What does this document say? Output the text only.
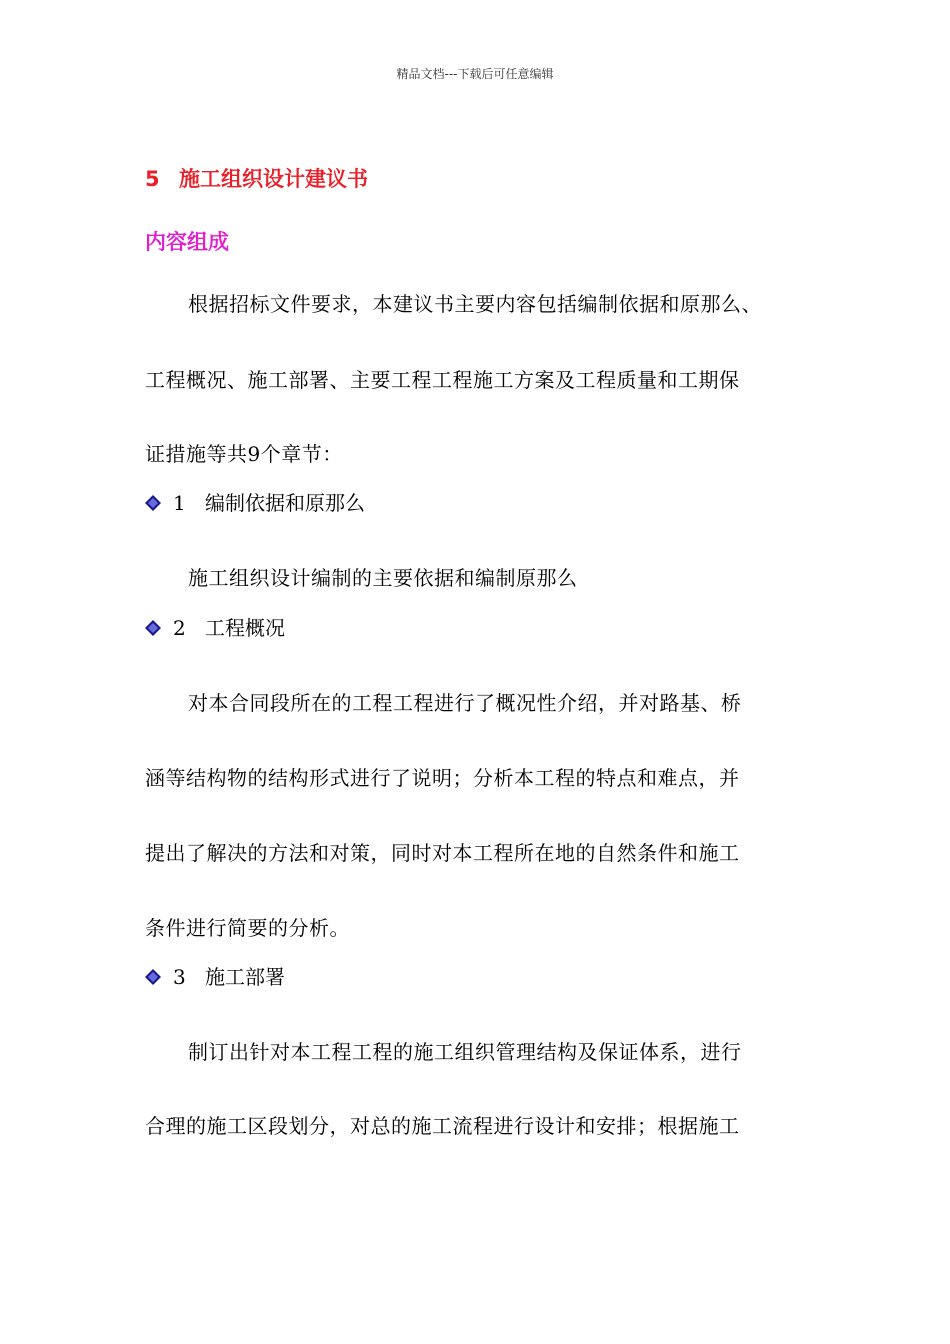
精品文档---下载后可任意编辑
5 施工组织设计建议书
内容组成
根据招标文件要求，本建议书主要内容包括编制依据和原那么、
工程概况、施工部署、主要工程工程施工方案及工程质量和工期保
证措施等共9个章节：
1 编制依据和原那么
施工组织设计编制的主要依据和编制原那么
2 工程概况
对本合同段所在的工程工程进行了概况性介绍，并对路基、桥
涵等结构物的结构形式进行了说明；分析本工程的特点和难点，并
提出了解决的方法和对策，同时对本工程所在地的自然条件和施工
条件进行简要的分析。
3 施工部署
制订出针对本工程工程的施工组织管理结构及保证体系，进行
合理的施工区段划分，对总的施工流程进行设计和安排；根据施工
